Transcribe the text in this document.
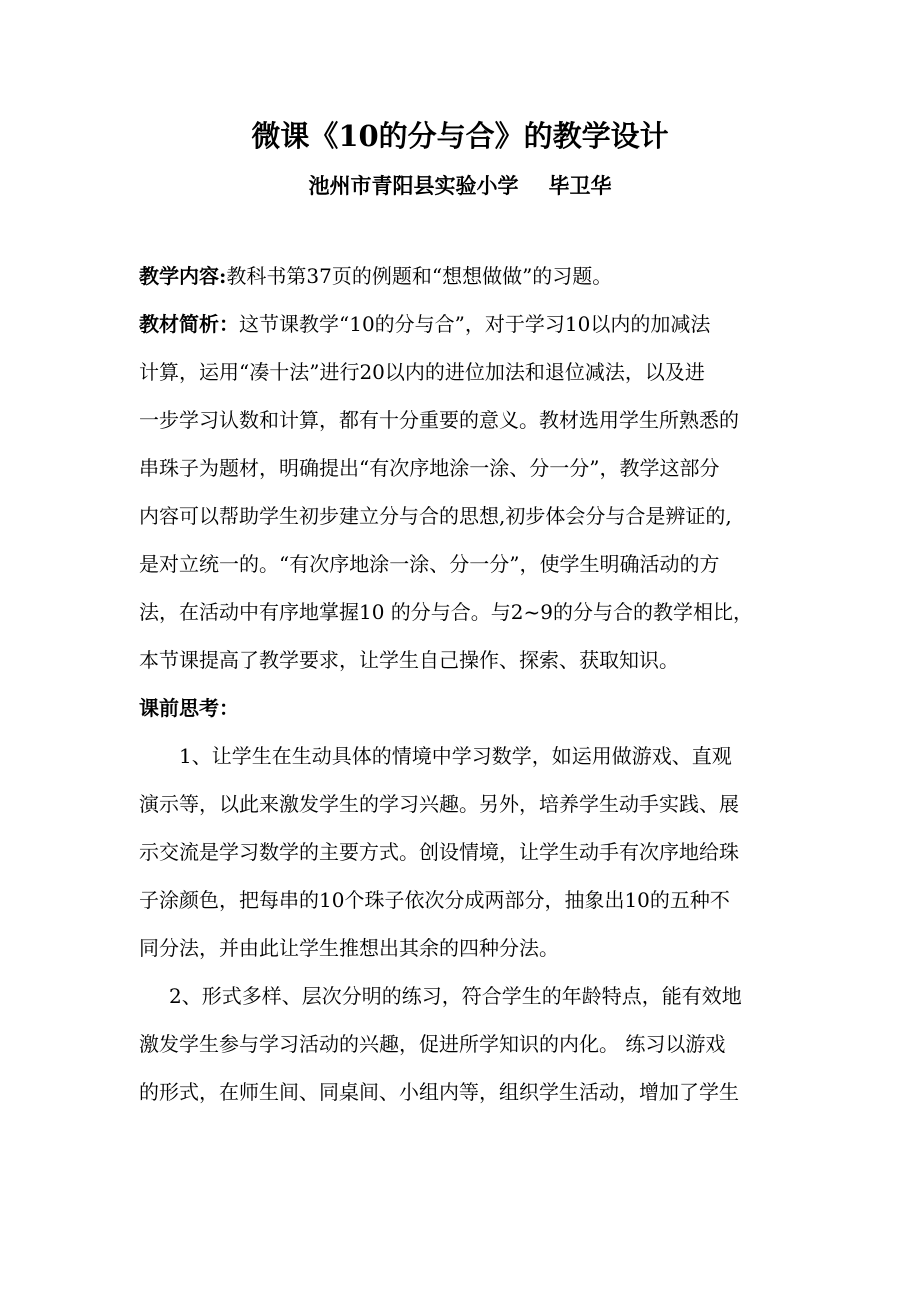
微课《10的分与合》的教学设计
池州市青阳县实验小学 毕卫华

教学内容:教科书第37页的例题和“想想做做”的习题。

教材简析：这节课教学“10的分与合”，对于学习10以内的加减法
计算，运用“凑十法”进行20以内的进位加法和退位减法，以及进
一步学习认数和计算，都有十分重要的意义。教材选用学生所熟悉的
串珠子为题材，明确提出“有次序地涂一涂、分一分”，教学这部分
内容可以帮助学生初步建立分与合的思想,初步体会分与合是辨证的,
是对立统一的。“有次序地涂一涂、分一分”，使学生明确活动的方
法，在活动中有序地掌握10 的分与合。与2~9的分与合的教学相比，
本节课提高了教学要求，让学生自己操作、探索、获取知识。

课前思考：

1、让学生在生动具体的情境中学习数学，如运用做游戏、直观
演示等，以此来激发学生的学习兴趣。另外，培养学生动手实践、展
示交流是学习数学的主要方式。创设情境，让学生动手有次序地给珠
子涂颜色，把每串的10个珠子依次分成两部分，抽象出10的五种不
同分法，并由此让学生推想出其余的四种分法。

2、形式多样、层次分明的练习，符合学生的年龄特点，能有效地
激发学生参与学习活动的兴趣，促进所学知识的内化。 练习以游戏
的形式，在师生间、同桌间、小组内等，组织学生活动，增加了学生
